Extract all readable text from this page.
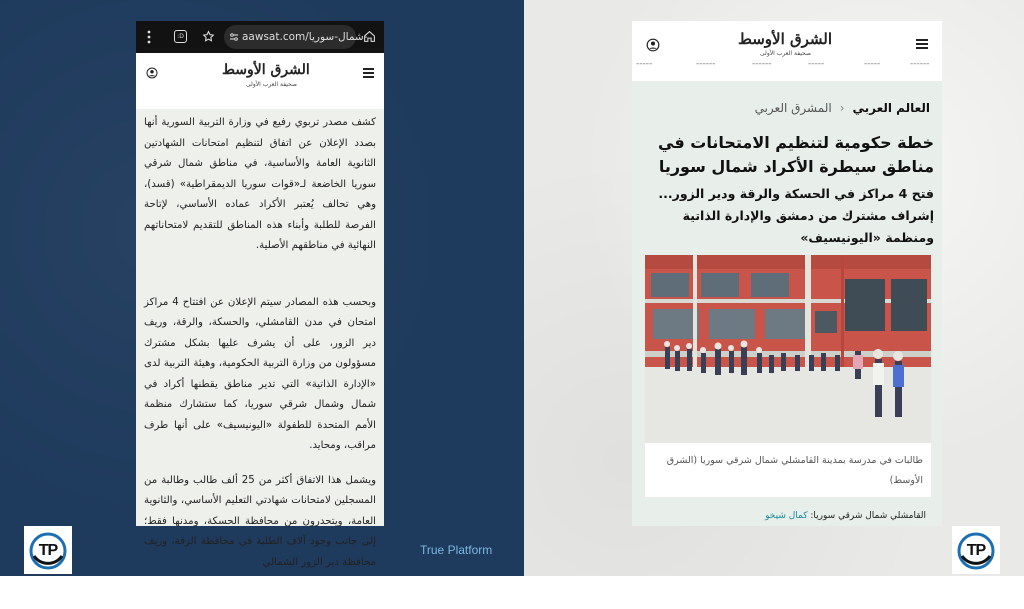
:D	aawsat.com/شمال-سوريا-
الشرق الأوسط
صحيفة العرب الأولى

كشف مصدر تربوي رفيع في وزارة التربية السورية أنها بصدد الإعلان عن اتفاق لتنظيم امتحانات الشهادتين الثانوية العامة والأساسية، في مناطق شمال شرقي سوريا الخاضعة لـ«قوات سوريا الديمقراطية» (قسد)، وهي تحالف يُعتبر الأكراد عماده الأساسي، لإتاحة الفرصة للطلبة وأبناء هذه المناطق للتقديم لامتحاناتهم النهائية في مناطقهم الأصلية.

وبحسب هذه المصادر سيتم الإعلان عن افتتاح 4 مراكز امتحان في مدن القامشلي، والحسكة، والرقة، وريف دير الزور، على أن يشرف عليها بشكل مشترك مسؤولون من وزارة التربية الحكومية، وهيئة التربية لدى «الإدارة الذاتية» التي تدير مناطق يقطنها أكراد في شمال وشمال شرقي سوريا، كما ستشارك منظمة الأمم المتحدة للطفولة «اليونيسيف» على أنها طرف مراقب، ومحايد.

ويشمل هذا الاتفاق أكثر من 25 ألف طالب وطالبة من المسجلين لامتحانات شهادتي التعليم الأساسي، والثانوية العامة، ويتحدرون من محافظة الحسكة، ومدنها فقط؛ إلى جانب وجود آلاف الطلبة في محافظة الرقة، وريف محافظة دير الزور الشمالي

الشرق الأوسط
صحيفة العرب الأولى
-----	------	------	-----	-----	------
العالم العربي‹المشرق العربي
خطة حكومية لتنظيم الامتحانات في مناطق سيطرة الأكراد شمال سوريا
فتح 4 مراكز في الحسكة والرقة ودير الزور... إشراف مشترك من دمشق والإدارة الذاتية ومنظمة «اليونيسيف»
طالبات في مدرسة بمدينة القامشلي شمال شرقي سوريا (الشرق الأوسط)
القامشلي شمال شرقي سوريا: كمال شيخو
TP	True Platform	TP
